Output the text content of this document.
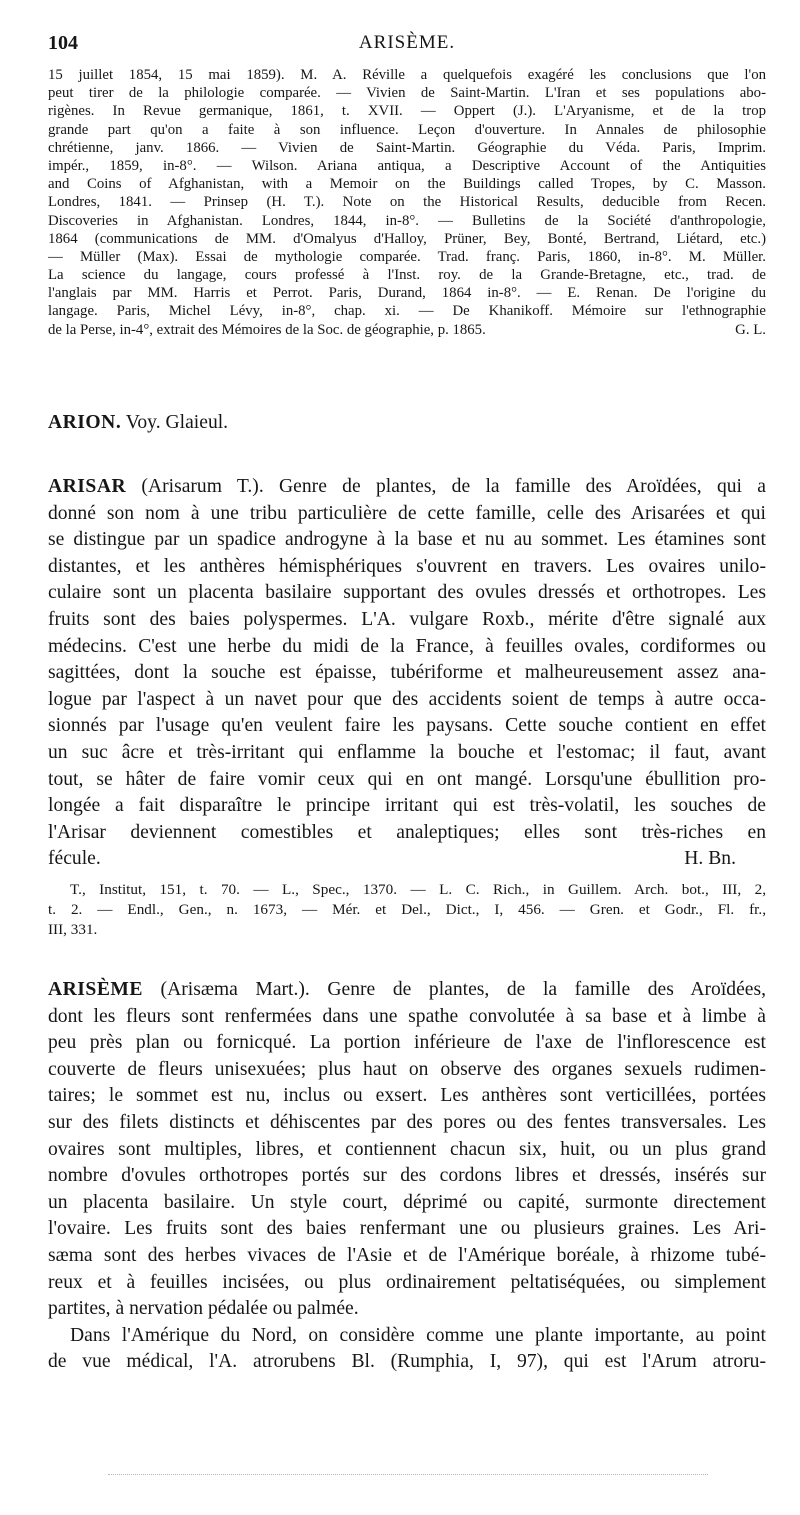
104	ARISÈME.
15 juillet 1854, 15 mai 1859). M. A. Réville a quelquefois exagéré les conclusions que l'on
peut tirer de la philologie comparée. — Vivien de Saint-Martin. L'Iran et ses populations abo-
rigènes. In Revue germanique, 1861, t. XVII. — Oppert (J.). L'Aryanisme, et de la trop
grande part qu'on a faite à son influence. Leçon d'ouverture. In Annales de philosophie
chrétienne, janv. 1866. — Vivien de Saint-Martin. Géographie du Véda. Paris, Imprim.
impér., 1859, in-8°. — Wilson. Ariana antiqua, a Descriptive Account of the Antiquities
and Coins of Afghanistan, with a Memoir on the Buildings called Tropes, by C. Masson.
Londres, 1841. — Prinsep (H. T.). Note on the Historical Results, deducible from Recen.
Discoveries in Afghanistan. Londres, 1844, in-8°. — Bulletins de la Société d'anthropologie,
1864 (communications de MM. d'Omalyus d'Halloy, Prüner, Bey, Bonté, Bertrand, Liétard, etc.)
— Müller (Max). Essai de mythologie comparée. Trad. franç. Paris, 1860, in-8°. M. Müller.
La science du langage, cours professé à l'Inst. roy. de la Grande-Bretagne, etc., trad. de
l'anglais par MM. Harris et Perrot. Paris, Durand, 1864 in-8°. — E. Renan. De l'origine du
langage. Paris, Michel Lévy, in-8°, chap. xi. — De Khanikoff. Mémoire sur l'ethnographie
de la Perse, in-4°, extrait des Mémoires de la Soc. de géographie, p. 1865.	G. L.
ARION. Voy. Glaieul.
ARISAR (Arisarum T.). Genre de plantes, de la famille des Aroïdées, qui a
donné son nom à une tribu particulière de cette famille, celle des Arisarées et qui
se distingue par un spadice androgyne à la base et nu au sommet. Les étamines sont
distantes, et les anthères hémisphériques s'ouvrent en travers. Les ovaires unilo-
culaire sont un placenta basilaire supportant des ovules dressés et orthotropes. Les
fruits sont des baies polyspermes. L'A. vulgare Roxb., mérite d'être signalé aux
médecins. C'est une herbe du midi de la France, à feuilles ovales, cordiformes ou
sagittées, dont la souche est épaisse, tubériforme et malheureusement assez ana-
logue par l'aspect à un navet pour que des accidents soient de temps à autre occa-
sionnés par l'usage qu'en veulent faire les paysans. Cette souche contient en effet
un suc âcre et très-irritant qui enflamme la bouche et l'estomac; il faut, avant
tout, se hâter de faire vomir ceux qui en ont mangé. Lorsqu'une ébullition pro-
longée a fait disparaître le principe irritant qui est très-volatil, les souches de
l'Arisar deviennent comestibles et analeptiques; elles sont très-riches en
fécule.	H. Bn.
T., Institut, 151, t. 70. — L., Spec., 1370. — L. C. Rich., in Guillem. Arch. bot., III, 2,
t. 2. — Endl., Gen., n. 1673, — Mér. et Del., Dict., I, 456. — Gren. et Godr., Fl. fr.,
III, 331.
ARISÈME (Arisæma Mart.). Genre de plantes, de la famille des Aroïdées,
dont les fleurs sont renfermées dans une spathe convolutée à sa base et à limbe à
peu près plan ou fornicqué. La portion inférieure de l'axe de l'inflorescence est
couverte de fleurs unisexuées; plus haut on observe des organes sexuels rudimen-
taires; le sommet est nu, inclus ou exsert. Les anthères sont verticillées, portées
sur des filets distincts et déhiscentes par des pores ou des fentes transversales. Les
ovaires sont multiples, libres, et contiennent chacun six, huit, ou un plus grand
nombre d'ovules orthotropes portés sur des cordons libres et dressés, insérés sur
un placenta basilaire. Un style court, déprimé ou capité, surmonte directement
l'ovaire. Les fruits sont des baies renfermant une ou plusieurs graines. Les Ari-
sæma sont des herbes vivaces de l'Asie et de l'Amérique boréale, à rhizome tubé-
reux et à feuilles incisées, ou plus ordinairement peltatiséquées, ou simplement
partites, à nervation pédalée ou palmée.
Dans l'Amérique du Nord, on considère comme une plante importante, au point
de vue médical, l'A. atrorubens Bl. (Rumphia, I, 97), qui est l'Arum atroru-
